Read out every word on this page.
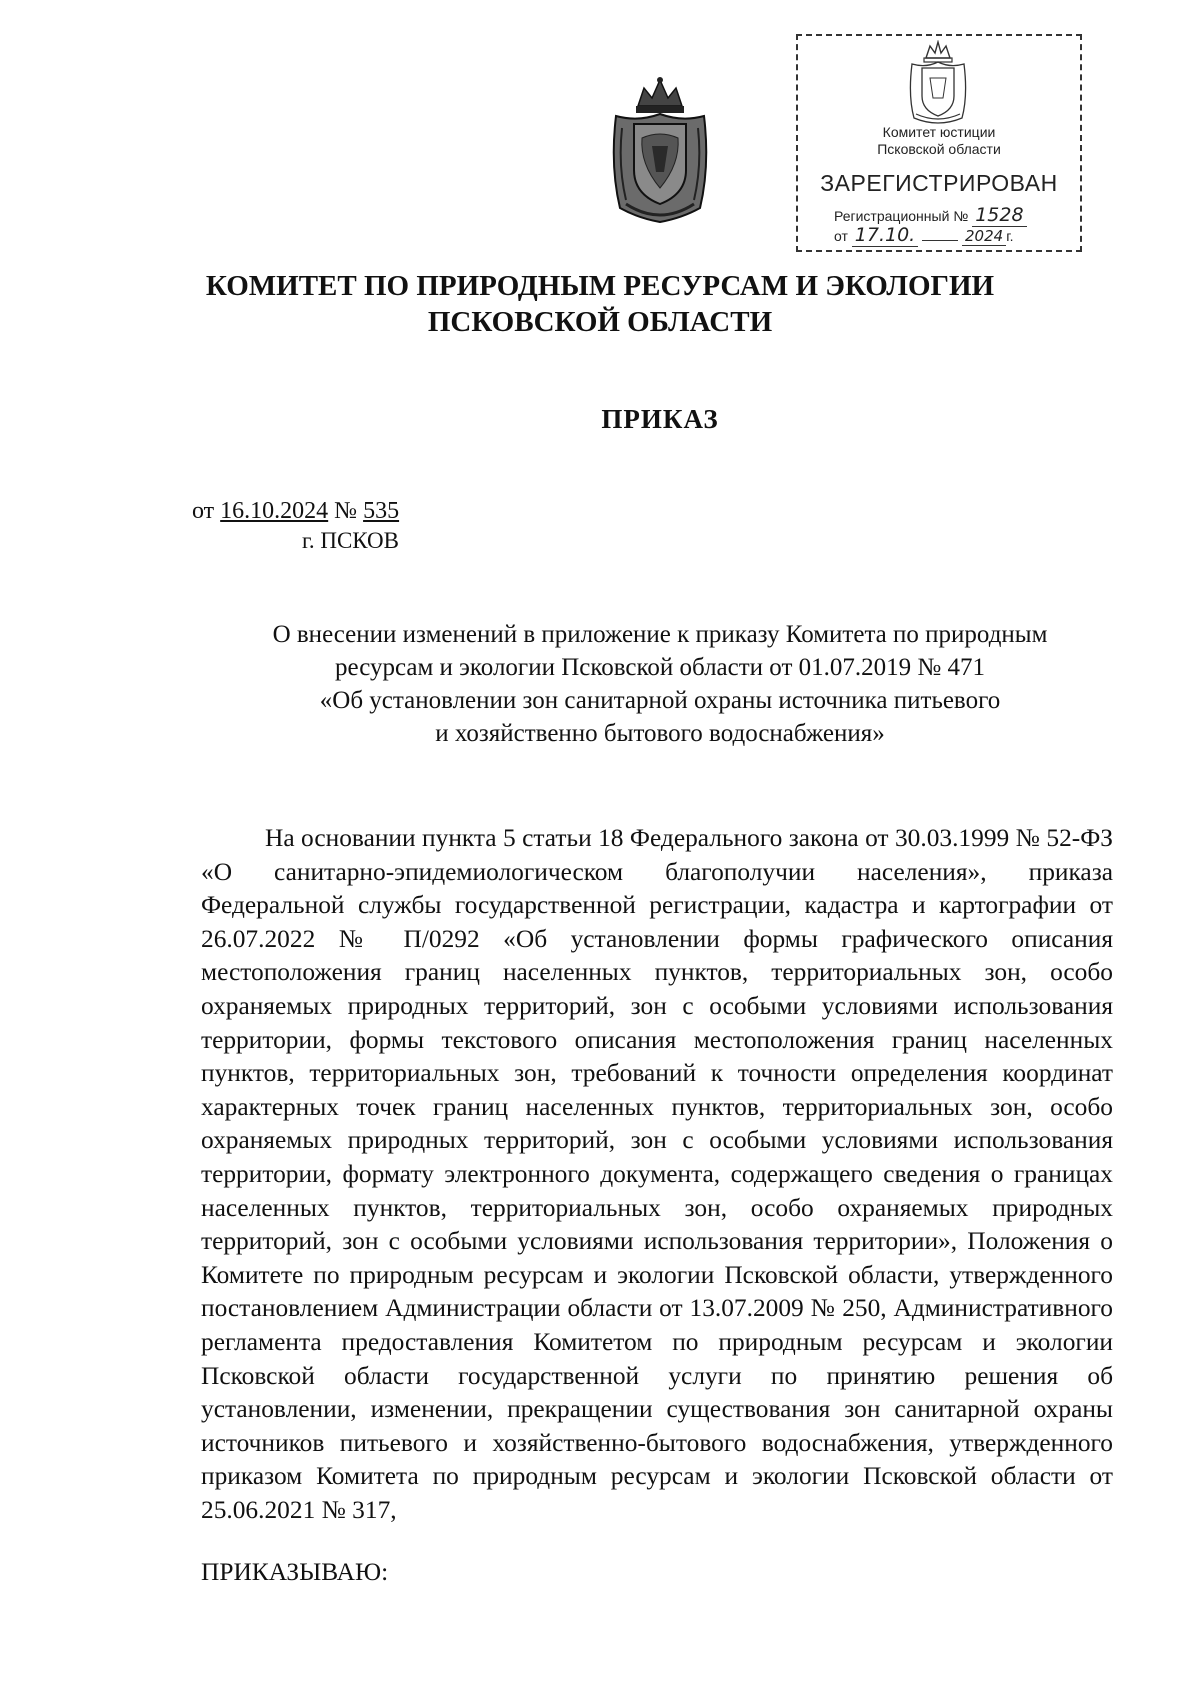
Комитет юстиции
Псковской области
ЗАРЕГИСТРИРОВАН
Регистрационный № 1528
от 17.10.	2024 г.
КОМИТЕТ ПО ПРИРОДНЫМ РЕСУРСАМ И ЭКОЛОГИИ
ПСКОВСКОЙ ОБЛАСТИ
ПРИКАЗ
от 16.10.2024 № 535
г. ПСКОВ
О внесении изменений в приложение к приказу Комитета по природным
ресурсам и экологии Псковской области от 01.07.2019 № 471
«Об установлении зон санитарной охраны источника питьевого
и хозяйственно бытового водоснабжения»

На основании пункта 5 статьи 18 Федерального закона от 30.03.1999 № 52-ФЗ «О санитарно-эпидемиологическом благополучии населения», приказа Федеральной службы государственной регистрации, кадастра и картографии от 26.07.2022 № П/0292 «Об установлении формы графического описания местоположения границ населенных пунктов, территориальных зон, особо охраняемых природных территорий, зон с особыми условиями использования территории, формы текстового описания местоположения границ населенных пунктов, территориальных зон, требований к точности определения координат характерных точек границ населенных пунктов, территориальных зон, особо охраняемых природных территорий, зон с особыми условиями использования территории, формату электронного документа, содержащего сведения о границах населенных пунктов, территориальных зон, особо охраняемых природных территорий, зон с особыми условиями использования территории», Положения о Комитете по природным ресурсам и экологии Псковской области, утвержденного постановлением Администрации области от 13.07.2009 № 250, Административного регламента предоставления Комитетом по природным ресурсам и экологии Псковской области государственной услуги по принятию решения об установлении, изменении, прекращении существования зон санитарной охраны источников питьевого и хозяйственно-бытового водоснабжения, утвержденного приказом Комитета по природным ресурсам и экологии Псковской области от 25.06.2021 № 317,

ПРИКАЗЫВАЮ:
